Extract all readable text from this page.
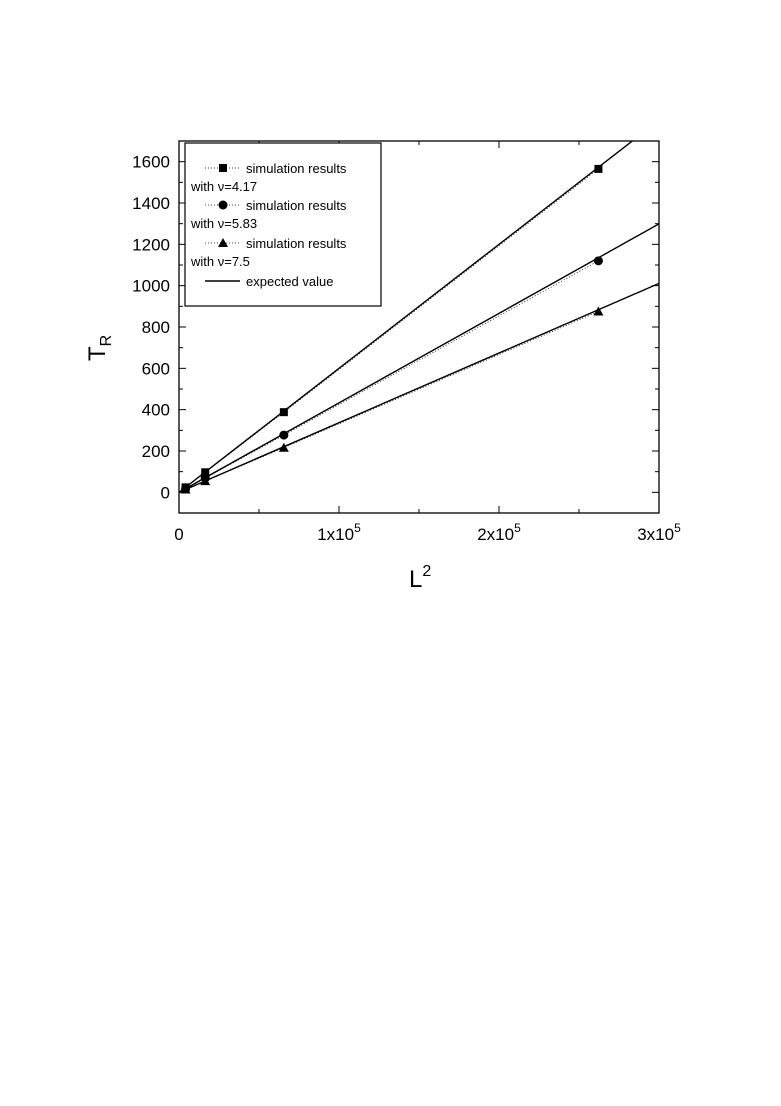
0
200
400
600
800
1000
1200
1400
1600
0	$1x10^5$	$2x10^5$	$3x10^5$
$L^2$
$T_R$
simulation results
with ν=4.17
simulation results
with ν=5.83
simulation results
with ν=7.5
expected value
